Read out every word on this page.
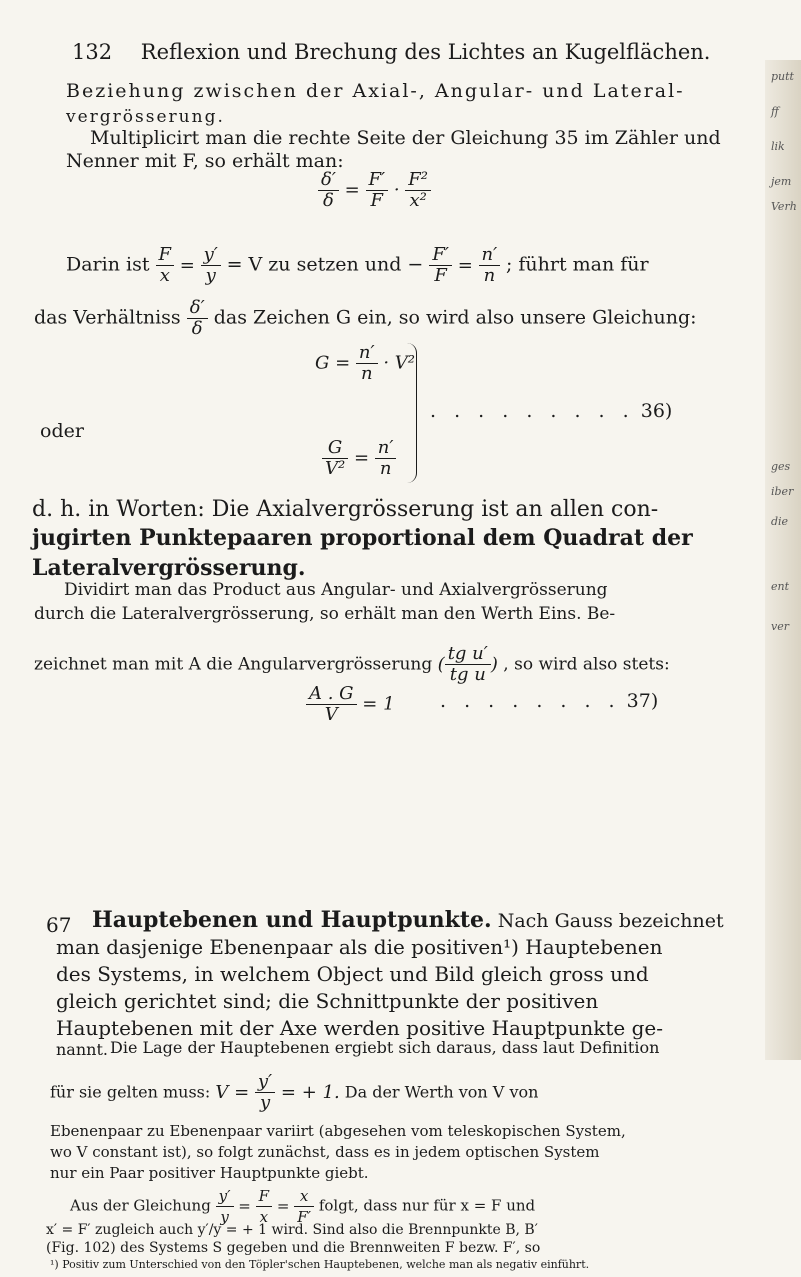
132 Reflexion und Brechung des Lichtes an Kugelflächen.
Beziehung zwischen der Axial-, Angular- und Lateral-
vergrösserung.
Multiplicirt man die rechte Seite der Gleichung 35 im Zähler und
Nenner mit F, so erhält man:
$\frac{\delta'}{\delta} = \frac{F'}{F} \cdot \frac{\text{F²}}{\text{x²}}$
Darin ist $\frac{F}{x} = \frac{y'}{y} = V$ zu setzen und − $\frac{F'}{F} = \frac{n'}{n}$ ; führt man für
das Verhältniss $\frac{\delta'}{\delta}$ das Zeichen G ein, so wird also unsere Gleichung:
$G = \frac{n'}{n} \cdot V^2$
oder
$\frac{G}{\text{V²}} = \frac{n'}{n}$
. . . . . . . . . 36)
d. h. in Worten: Die Axialvergrösserung ist an allen con-
jugirten Punktepaaren proportional dem Quadrat der
Lateralvergrösserung.
Dividirt man das Product aus Angular- und Axialvergrösserung
durch die Lateralvergrösserung, so erhält man den Werth Eins. Be-
zeichnet man mit A die Angularvergrösserung ( $\frac{\text{tg u′}}{\text{tg u}}$ ) , so wird also stets:
$\frac{A . G}{V} = 1$ . . . . . . . . 37)
67 Hauptebenen und Hauptpunkte. Nach Gauss bezeichnet
man dasjenige Ebenenpaar als die positiven¹) Hauptebenen
des Systems, in welchem Object und Bild gleich gross und
gleich gerichtet sind; die Schnittpunkte der positiven
Hauptebenen mit der Axe werden positive Hauptpunkte ge-
nannt. Die Lage der Hauptebenen ergiebt sich daraus, dass laut Definition
für sie gelten muss: $V = \frac{y'}{y}$ = + 1. Da der Werth von V von
Ebenenpaar zu Ebenenpaar variirt (abgesehen vom teleskopischen System,
wo V constant ist), so folgt zunächst, dass es in jedem optischen System
nur ein Paar positiver Hauptpunkte giebt.
Aus der Gleichung $\frac{y'}{y} = \frac{F}{x} = \frac{x}{F'} folgt$, dass nur für x = F und
x′ = F′ zugleich auch y′/y = + 1 wird. Sind also die Brennpunkte B, B′
(Fig. 102) des Systems S gegeben und die Brennweiten F bezw. F′, so
¹) Positiv zum Unterschied von den Töpler'schen Hauptebenen, welche man als negativ einführt.
putt
ff
lik
jem
Verh
ges
iber
die
ent
ver
